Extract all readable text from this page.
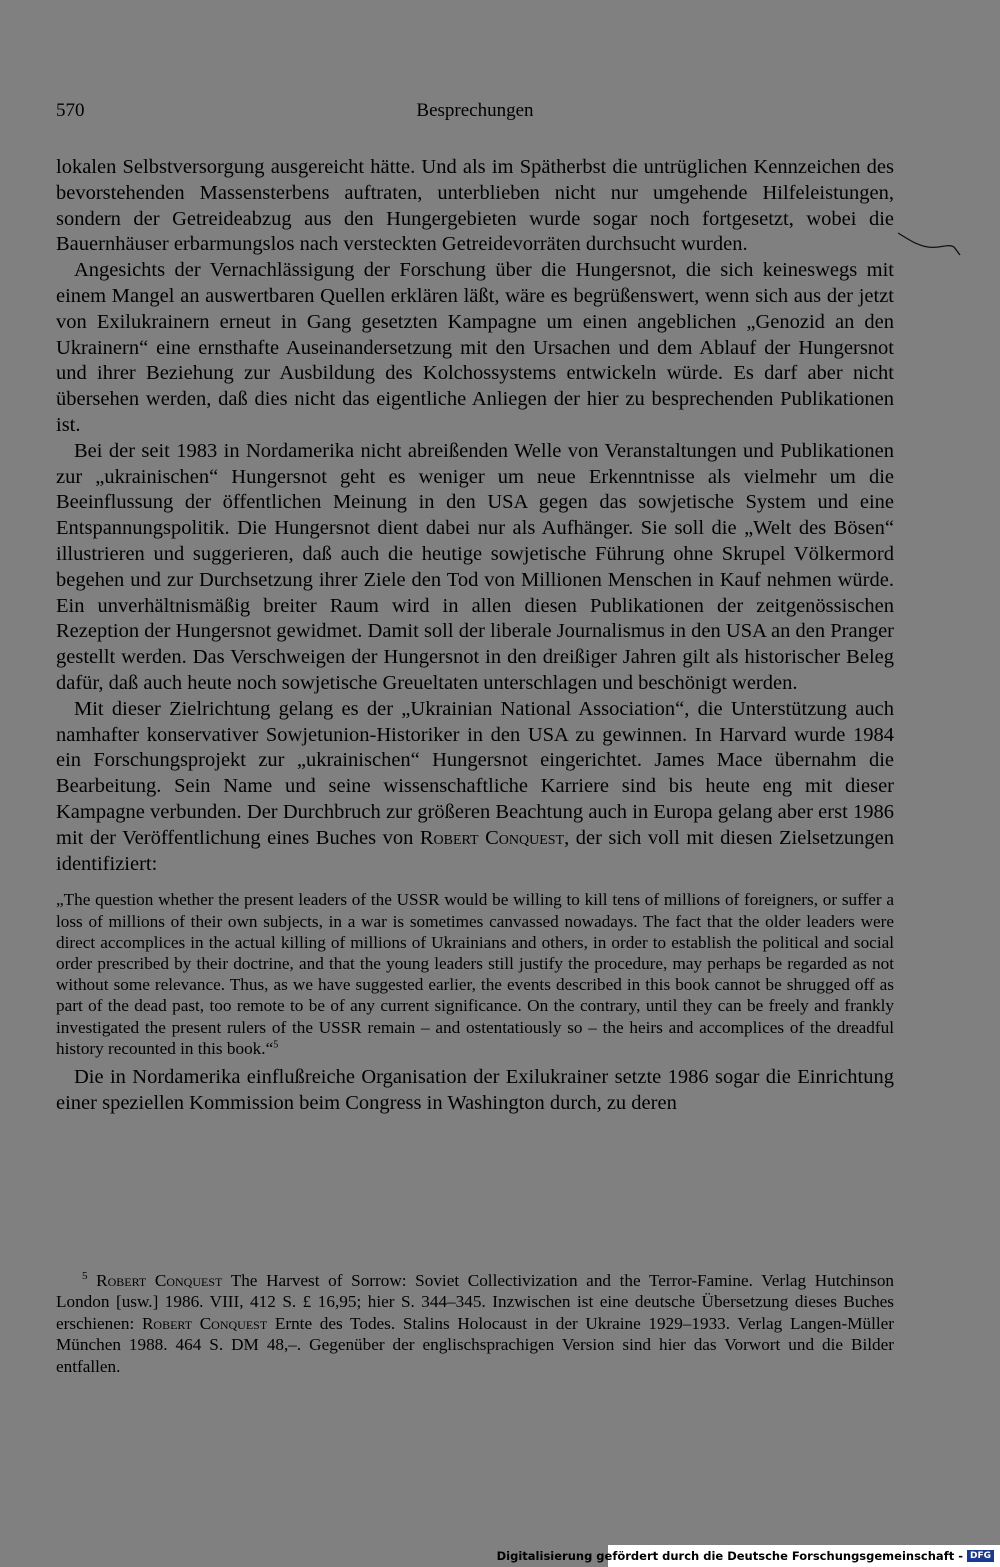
570	Besprechungen

lokalen Selbstversorgung ausgereicht hätte. Und als im Spätherbst die untrüglichen Kennzeichen des bevorstehenden Massensterbens auftraten, unterblieben nicht nur umgehende Hilfeleistungen, sondern der Getreideabzug aus den Hungergebieten wurde sogar noch fortgesetzt, wobei die Bauernhäuser erbarmungslos nach versteckten Getreidevorräten durchsucht wurden.

Angesichts der Vernachlässigung der Forschung über die Hungersnot, die sich keineswegs mit einem Mangel an auswertbaren Quellen erklären läßt, wäre es begrüßenswert, wenn sich aus der jetzt von Exilukrainern erneut in Gang gesetzten Kampagne um einen angeblichen „Genozid an den Ukrainern“ eine ernsthafte Auseinandersetzung mit den Ursachen und dem Ablauf der Hungersnot und ihrer Beziehung zur Ausbildung des Kolchossystems entwickeln würde. Es darf aber nicht übersehen werden, daß dies nicht das eigentliche Anliegen der hier zu besprechenden Publikationen ist.

Bei der seit 1983 in Nordamerika nicht abreißenden Welle von Veranstaltungen und Publikationen zur „ukrainischen“ Hungersnot geht es weniger um neue Erkenntnisse als vielmehr um die Beeinflussung der öffentlichen Meinung in den USA gegen das sowjetische System und eine Entspannungspolitik. Die Hungersnot dient dabei nur als Aufhänger. Sie soll die „Welt des Bösen“ illustrieren und suggerieren, daß auch die heutige sowjetische Führung ohne Skrupel Völkermord begehen und zur Durchsetzung ihrer Ziele den Tod von Millionen Menschen in Kauf nehmen würde. Ein unverhältnismäßig breiter Raum wird in allen diesen Publikationen der zeitgenössischen Rezeption der Hungersnot gewidmet. Damit soll der liberale Journalismus in den USA an den Pranger gestellt werden. Das Verschweigen der Hungersnot in den dreißiger Jahren gilt als historischer Beleg dafür, daß auch heute noch sowjetische Greueltaten unterschlagen und beschönigt werden.

Mit dieser Zielrichtung gelang es der „Ukrainian National Association“, die Unterstützung auch namhafter konservativer Sowjetunion-Historiker in den USA zu gewinnen. In Harvard wurde 1984 ein Forschungsprojekt zur „ukrainischen“ Hungersnot eingerichtet. James Mace übernahm die Bearbeitung. Sein Name und seine wissenschaftliche Karriere sind bis heute eng mit dieser Kampagne verbunden. Der Durchbruch zur größeren Beachtung auch in Europa gelang aber erst 1986 mit der Veröffentlichung eines Buches von Robert Conquest, der sich voll mit diesen Zielsetzungen identifiziert:

„The question whether the present leaders of the USSR would be willing to kill tens of millions of foreigners, or suffer a loss of millions of their own subjects, in a war is sometimes canvassed nowadays. The fact that the older leaders were direct accomplices in the actual killing of millions of Ukrainians and others, in order to establish the political and social order prescribed by their doctrine, and that the young leaders still justify the procedure, may perhaps be regarded as not without some relevance. Thus, as we have suggested earlier, the events described in this book cannot be shrugged off as part of the dead past, too remote to be of any current significance. On the contrary, until they can be freely and frankly investigated the present rulers of the USSR remain – and ostentatiously so – the heirs and accomplices of the dreadful history recounted in this book.“$^5$

Die in Nordamerika einflußreiche Organisation der Exilukrainer setzte 1986 sogar die Einrichtung einer speziellen Kommission beim Congress in Washington durch, zu deren

$^5$ Robert Conquest The Harvest of Sorrow: Soviet Collectivization and the Terror-Famine. Verlag Hutchinson London [usw.] 1986. VIII, 412 S. £ 16,95; hier S. 344–345. Inzwischen ist eine deutsche Übersetzung dieses Buches erschienen: Robert Conquest Ernte des Todes. Stalins Holocaust in der Ukraine 1929–1933. Verlag Langen-Müller München 1988. 464 S. DM 48,–. Gegenüber der englischsprachigen Version sind hier das Vorwort und die Bilder entfallen.
Digitalisierung gefördert durch die Deutsche Forschungsgemeinschaft - DFG
